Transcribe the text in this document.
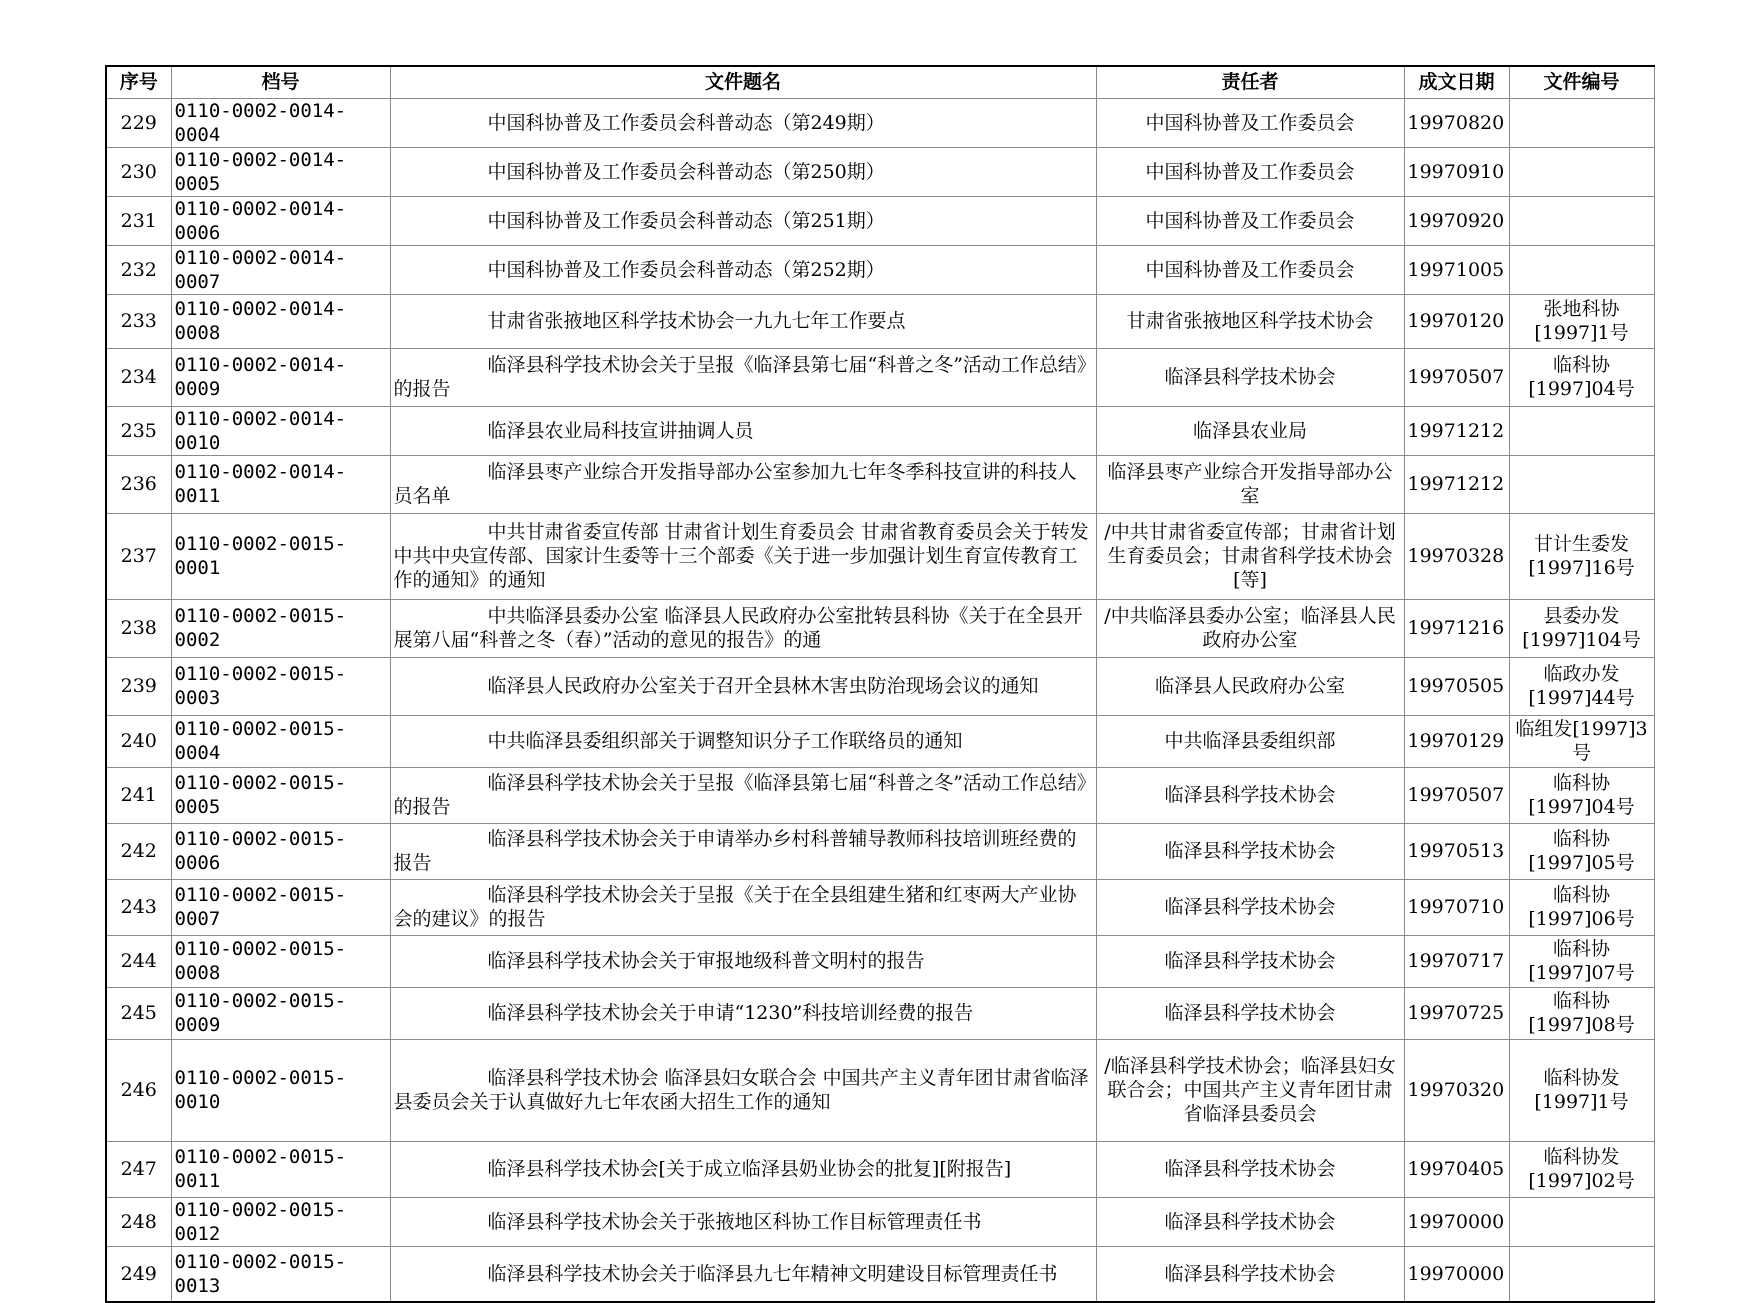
序号	档号	文件题名	责任者	成文日期	文件编号
229	0110-0002-0014-0004	中国科协普及工作委员会科普动态（第249期）	中国科协普及工作委员会	19970820	
230	0110-0002-0014-0005	中国科协普及工作委员会科普动态（第250期）	中国科协普及工作委员会	19970910	
231	0110-0002-0014-0006	中国科协普及工作委员会科普动态（第251期）	中国科协普及工作委员会	19970920	
232	0110-0002-0014-0007	中国科协普及工作委员会科普动态（第252期）	中国科协普及工作委员会	19971005	
233	0110-0002-0014-0008	甘肃省张掖地区科学技术协会一九九七年工作要点	甘肃省张掖地区科学技术协会	19970120	张地科协[1997]1号
234	0110-0002-0014-0009	临泽县科学技术协会关于呈报《临泽县第七届“科普之冬”活动工作总结》的报告	临泽县科学技术协会	19970507	临科协[1997]04号
235	0110-0002-0014-0010	临泽县农业局科技宣讲抽调人员	临泽县农业局	19971212	
236	0110-0002-0014-0011	临泽县枣产业综合开发指导部办公室参加九七年冬季科技宣讲的科技人员名单	临泽县枣产业综合开发指导部办公室	19971212	
237	0110-0002-0015-0001	中共甘肃省委宣传部 甘肃省计划生育委员会 甘肃省教育委员会关于转发中共中央宣传部、国家计生委等十三个部委《关于进一步加强计划生育宣传教育工作的通知》的通知	/中共甘肃省委宣传部；甘肃省计划生育委员会；甘肃省科学技术协会[等]	19970328	甘计生委发[1997]16号
238	0110-0002-0015-0002	中共临泽县委办公室 临泽县人民政府办公室批转县科协《关于在全县开展第八届“科普之冬（春）”活动的意见的报告》的通	/中共临泽县委办公室；临泽县人民政府办公室	19971216	县委办发[1997]104号
239	0110-0002-0015-0003	临泽县人民政府办公室关于召开全县林木害虫防治现场会议的通知	临泽县人民政府办公室	19970505	临政办发[1997]44号
240	0110-0002-0015-0004	中共临泽县委组织部关于调整知识分子工作联络员的通知	中共临泽县委组织部	19970129	临组发[1997]3号
241	0110-0002-0015-0005	临泽县科学技术协会关于呈报《临泽县第七届“科普之冬”活动工作总结》的报告	临泽县科学技术协会	19970507	临科协[1997]04号
242	0110-0002-0015-0006	临泽县科学技术协会关于申请举办乡村科普辅导教师科技培训班经费的报告	临泽县科学技术协会	19970513	临科协[1997]05号
243	0110-0002-0015-0007	临泽县科学技术协会关于呈报《关于在全县组建生猪和红枣两大产业协会的建议》的报告	临泽县科学技术协会	19970710	临科协[1997]06号
244	0110-0002-0015-0008	临泽县科学技术协会关于审报地级科普文明村的报告	临泽县科学技术协会	19970717	临科协[1997]07号
245	0110-0002-0015-0009	临泽县科学技术协会关于申请“1230”科技培训经费的报告	临泽县科学技术协会	19970725	临科协[1997]08号
246	0110-0002-0015-0010	临泽县科学技术协会 临泽县妇女联合会 中国共产主义青年团甘肃省临泽县委员会关于认真做好九七年农函大招生工作的通知	/临泽县科学技术协会；临泽县妇女联合会；中国共产主义青年团甘肃省临泽县委员会	19970320	临科协发[1997]1号
247	0110-0002-0015-0011	临泽县科学技术协会[关于成立临泽县奶业协会的批复][附报告]	临泽县科学技术协会	19970405	临科协发[1997]02号
248	0110-0002-0015-0012	临泽县科学技术协会关于张掖地区科协工作目标管理责任书	临泽县科学技术协会	19970000	
249	0110-0002-0015-0013	临泽县科学技术协会关于临泽县九七年精神文明建设目标管理责任书	临泽县科学技术协会	19970000	
